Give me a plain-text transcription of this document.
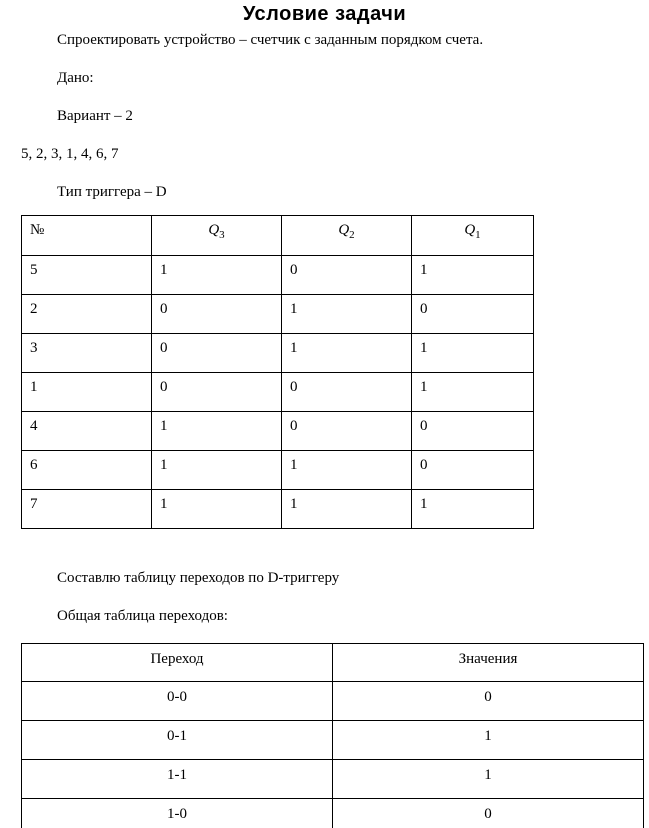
Условие задачи

Спроектировать устройство – счетчик с заданным порядком счета.

Дано:

Вариант – 2

5, 2, 3, 1, 4, 6, 7

Тип триггера – D

№	$Q_3$	$Q_2$	$Q_1$
5	1	0	1
2	0	1	0
3	0	1	1
1	0	0	1
4	1	0	0
6	1	1	0
7	1	1	1

Составлю таблицу переходов по D-триггеру

Общая таблица переходов:

Переход	Значения
0-0	0
0-1	1
1-1	1
1-0	0
